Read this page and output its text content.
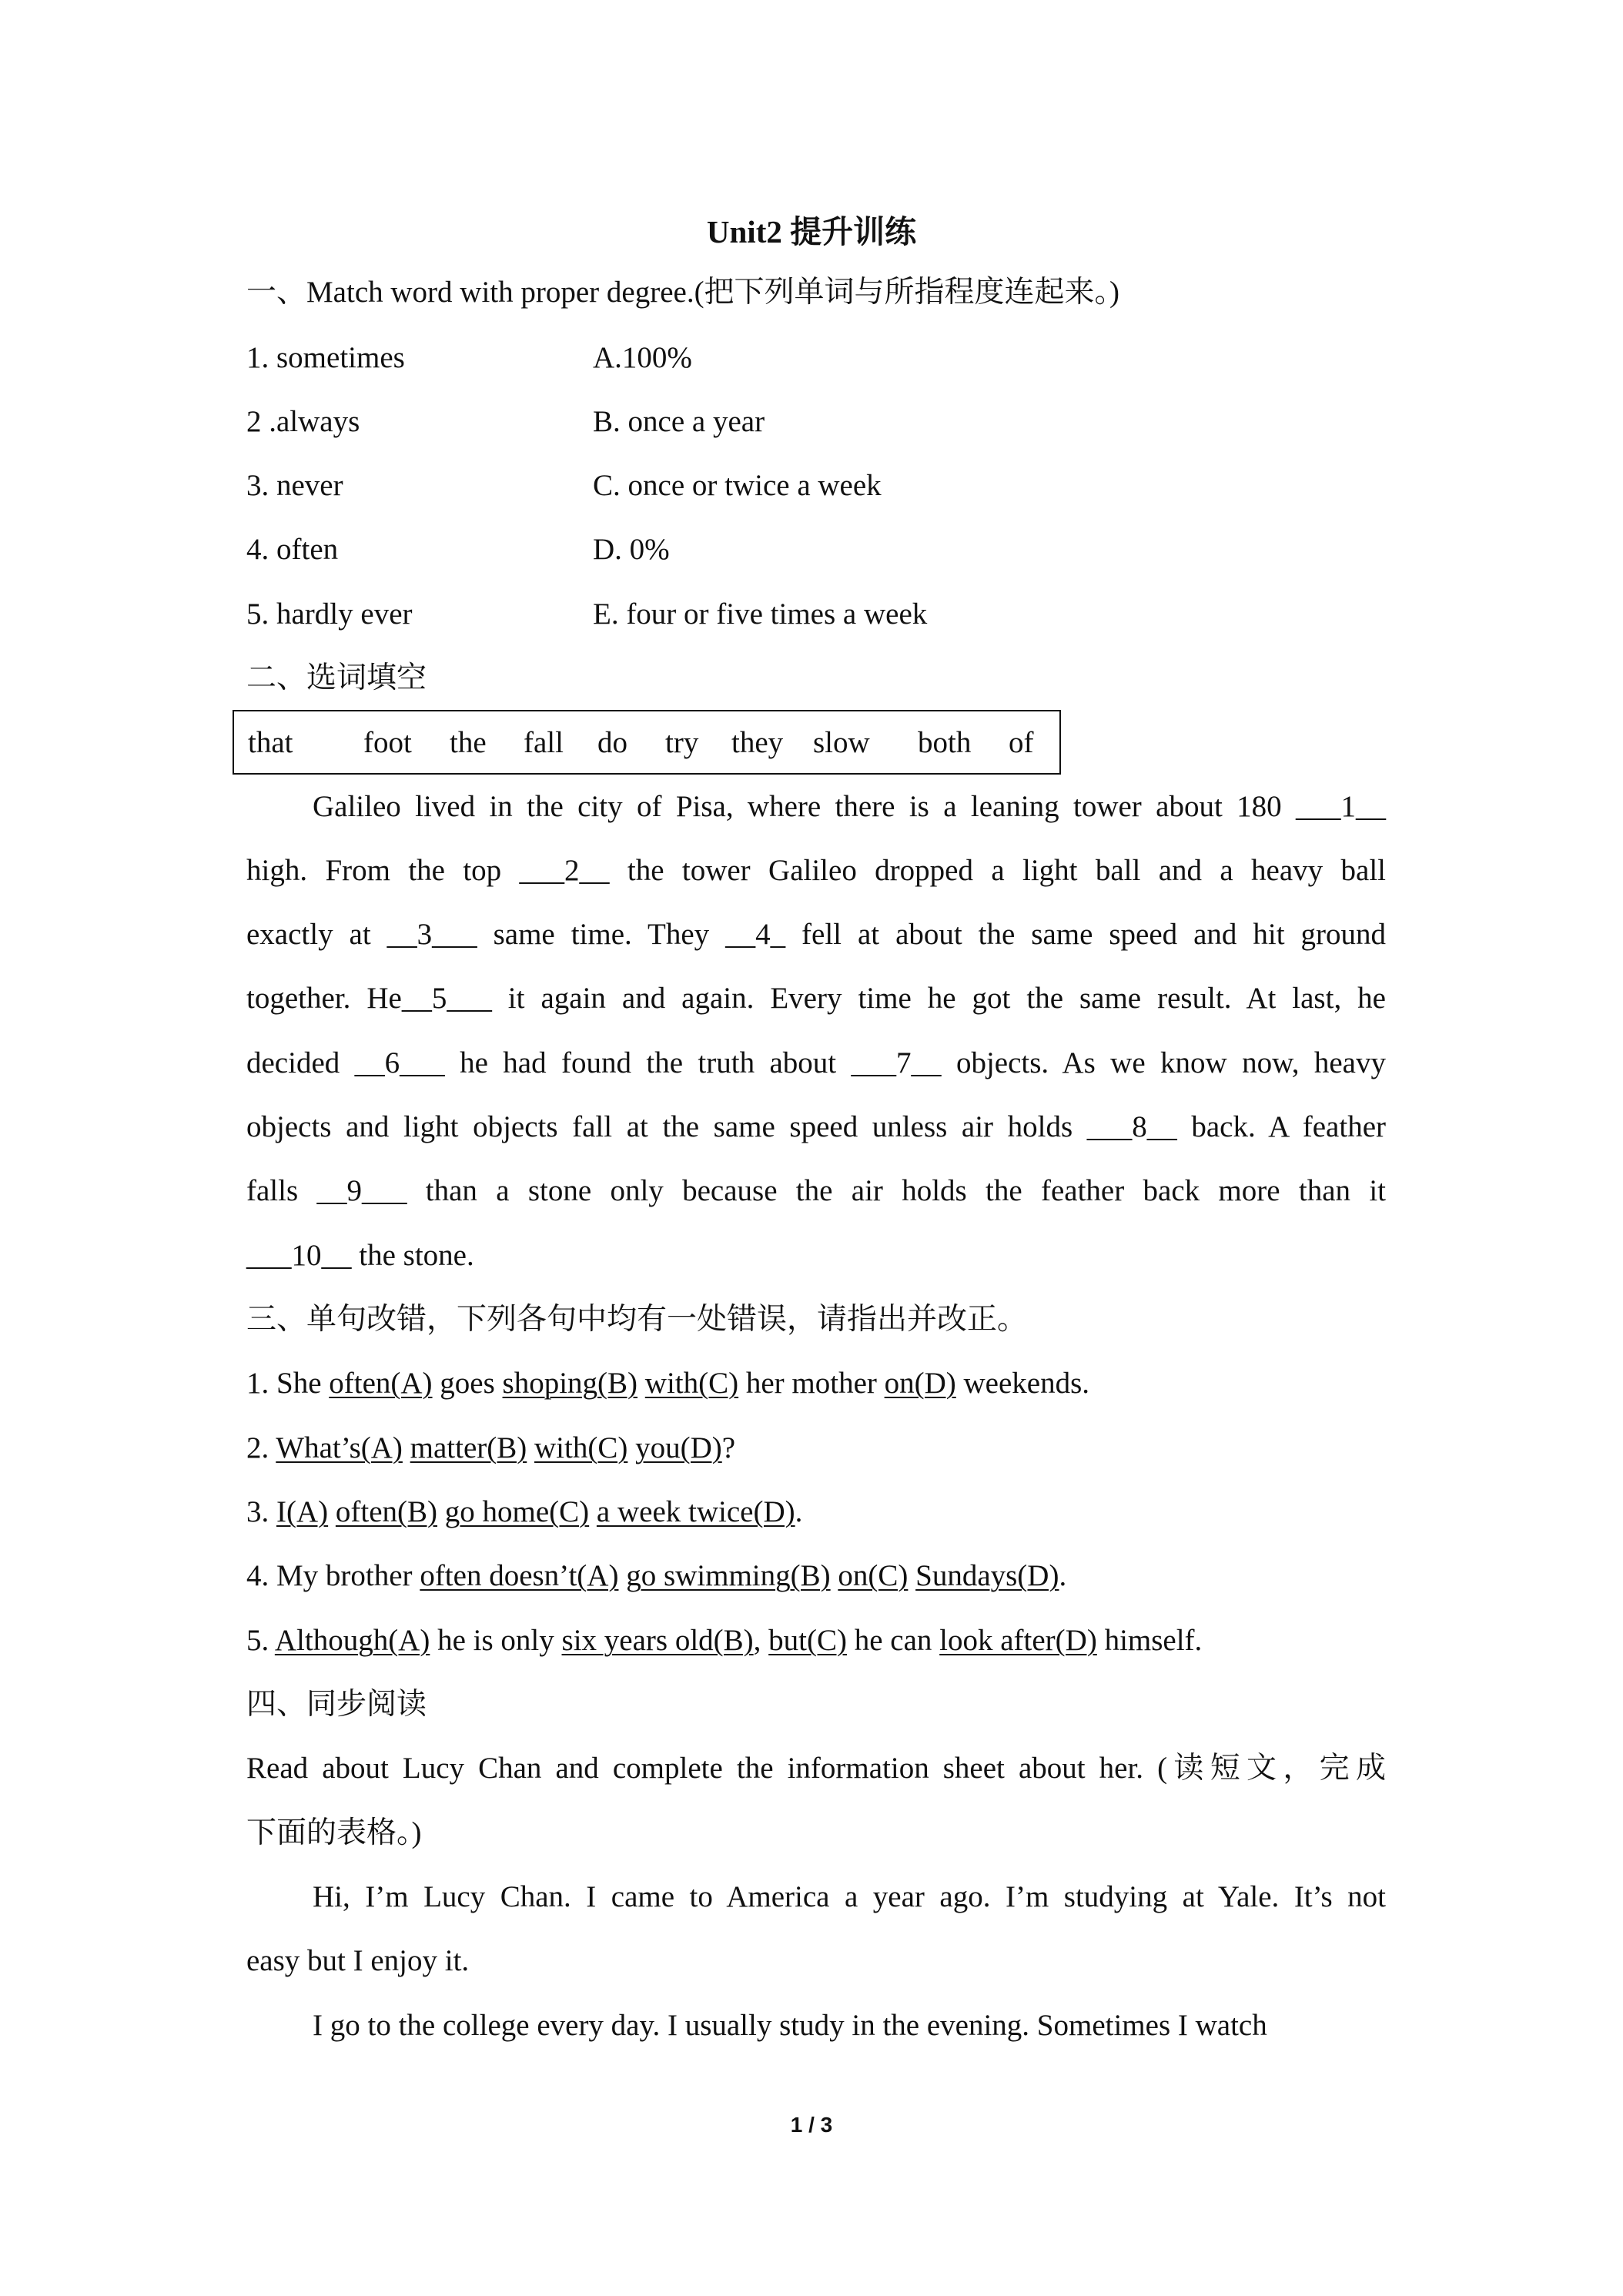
Unit2 提升训练
一、Match word with proper degree.(把下列单词与所指程度连起来。)
1. sometimes	A.100%
2 .always	B. once a year
3. never	C. once or twice a week
4. often	D. 0%
5. hardly ever	E. four or five times a week
二、选词填空
that foot the fall do try they slow both of
Galileo lived in the city of Pisa, where there is a leaning tower about 180 ___1__
high. From the top ___2__ the tower Galileo dropped a light ball and a heavy ball
exactly at __3___ same time. They __4_ fell at about the same speed and hit ground
together. He__5___ it again and again. Every time he got the same result. At last, he
decided __6___ he had found the truth about ___7__ objects. As we know now, heavy
objects and light objects fall at the same speed unless air holds ___8__ back. A feather
falls __9___ than a stone only because the air holds the feather back more than it
___10__ the stone.
三、单句改错，下列各句中均有一处错误，请指出并改正。
1. She often(A) goes shoping(B) with(C) her mother on(D) weekends.
2. What’s(A) matter(B) with(C) you(D)?
3. I(A) often(B) go home(C) a week twice(D).
4. My brother often doesn’t(A) go swimming(B) on(C) Sundays(D).
5. Although(A) he is only six years old(B), but(C) he can look after(D) himself.
四、同步阅读
Read about Lucy Chan and complete the information sheet about her. (读短文，完成
下面的表格。)
Hi, I’m Lucy Chan. I came to America a year ago. I’m studying at Yale. It’s not
easy but I enjoy it.
I go to the college every day. I usually study in the evening. Sometimes I watch
1 / 3
